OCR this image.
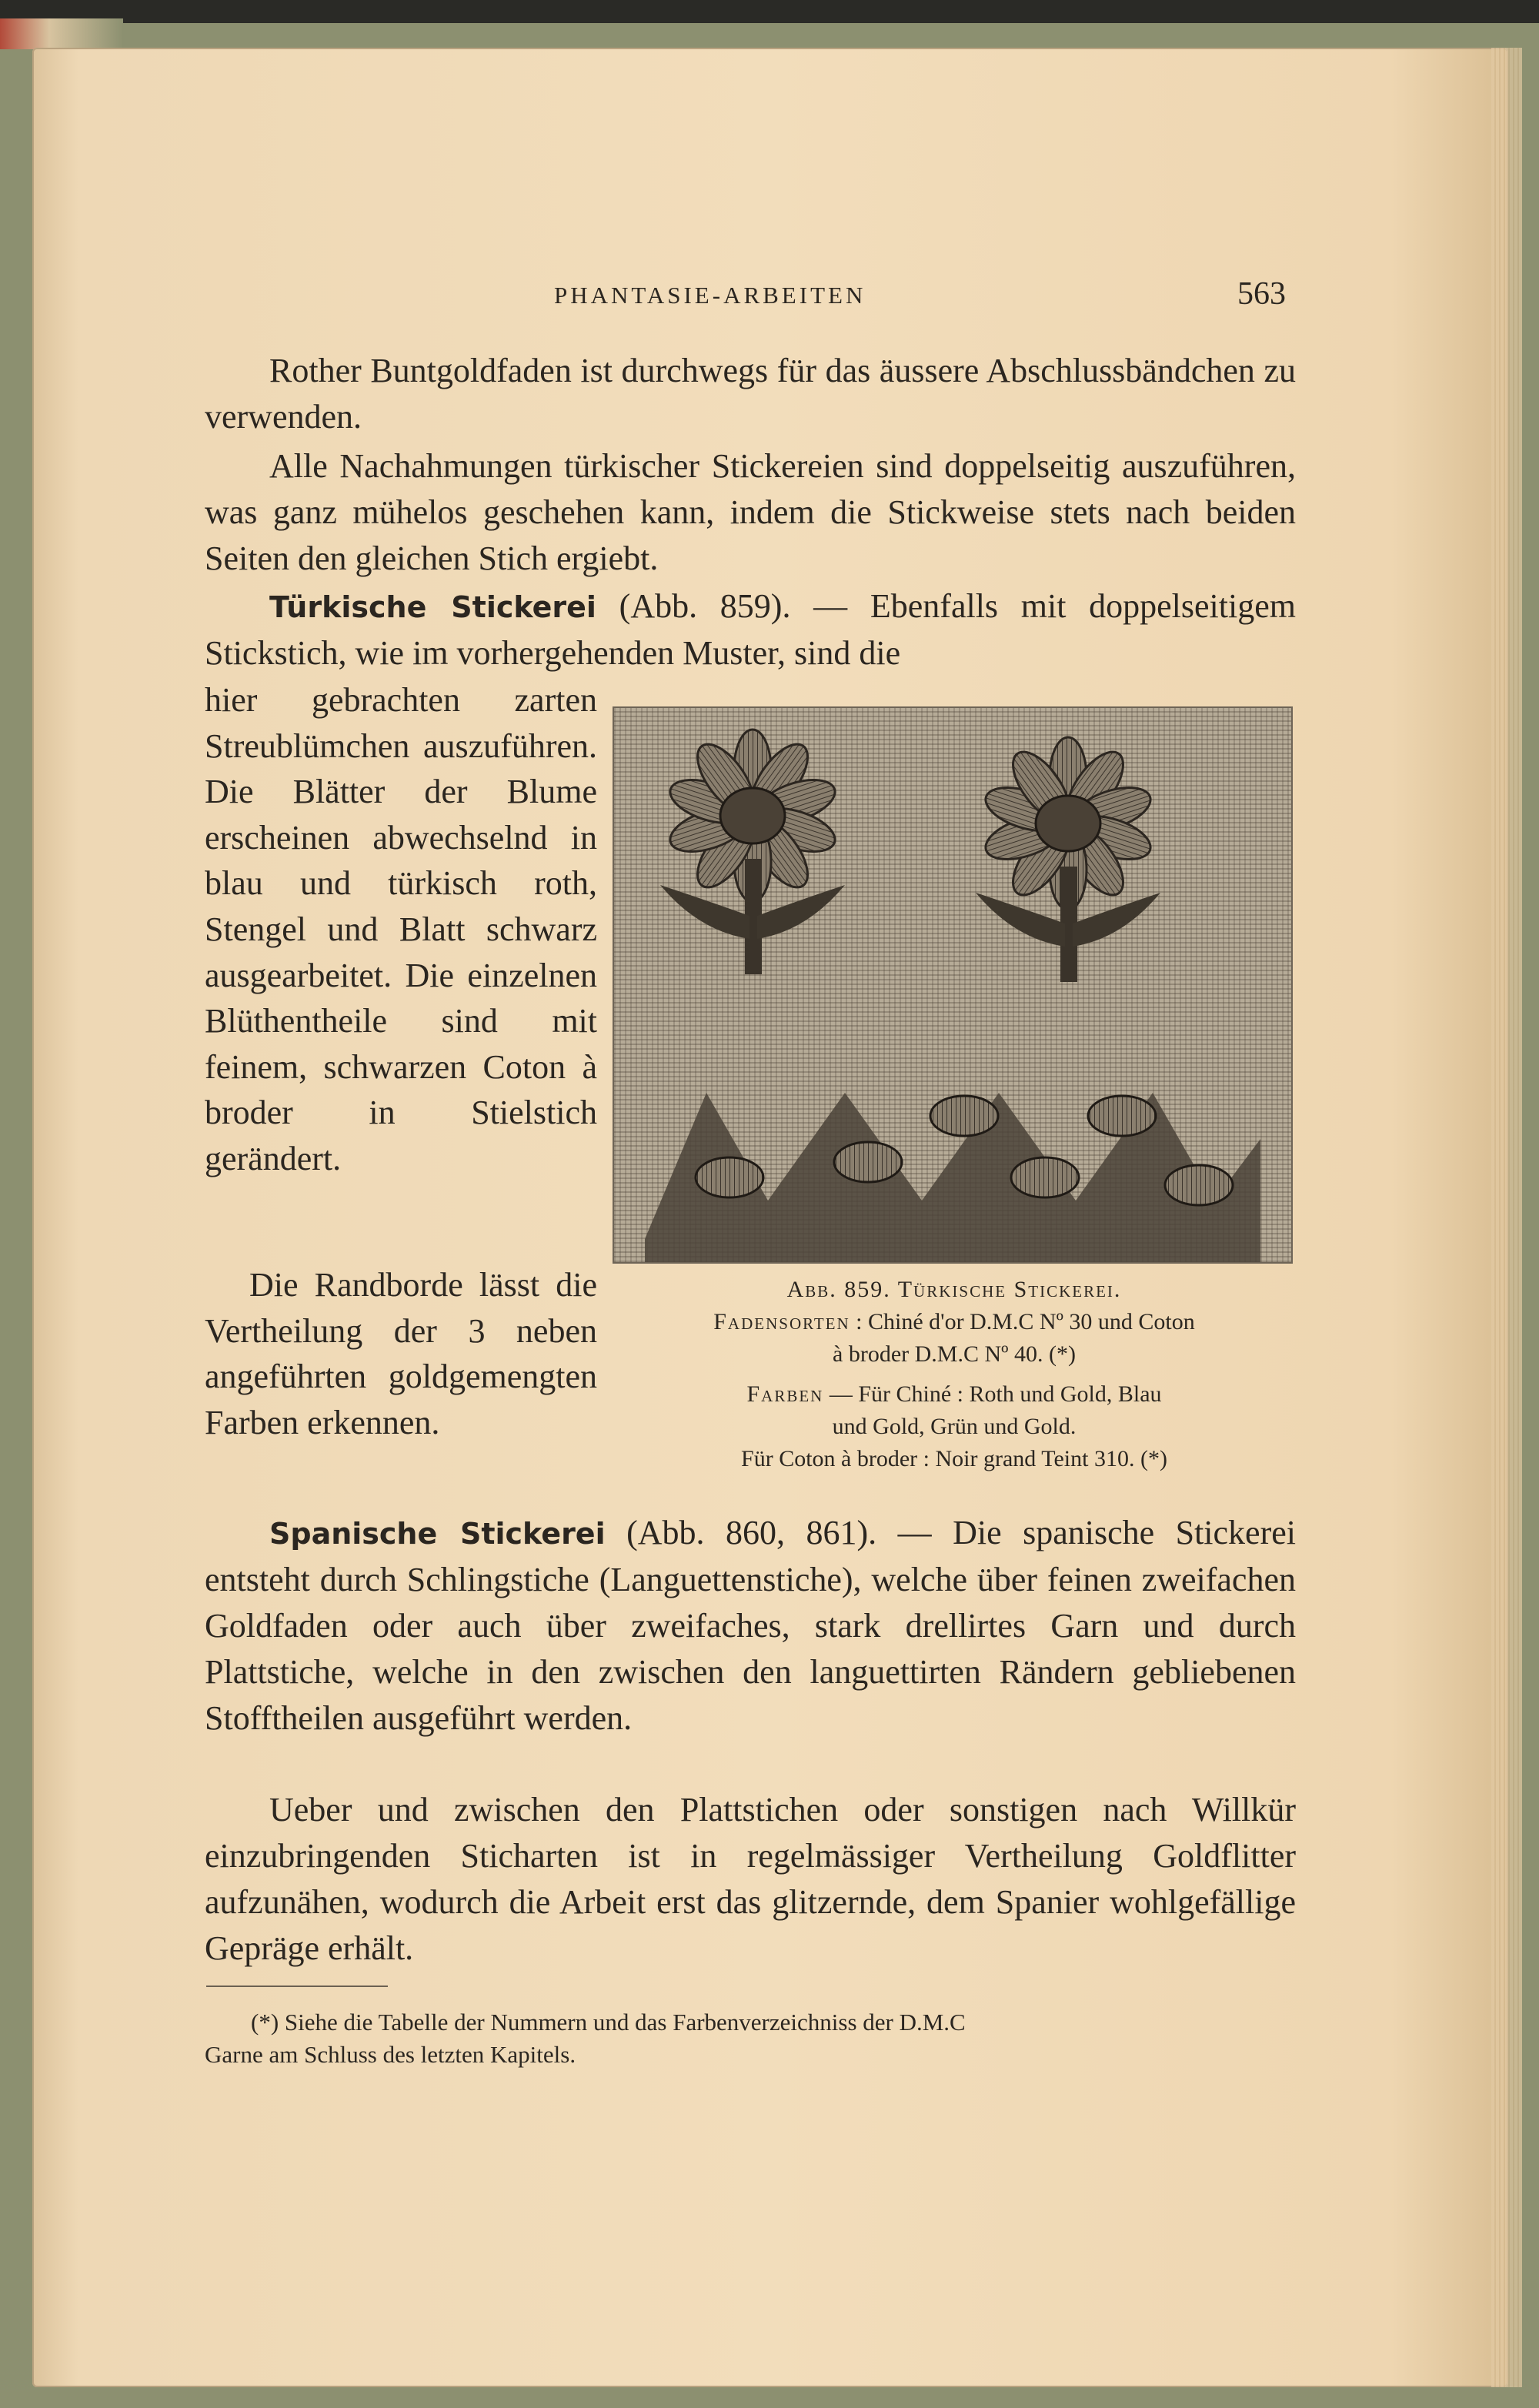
PHANTASIE-ARBEITEN	563

Rother Buntgoldfaden ist durchwegs für das äussere Abschlussbändchen zu verwenden.

Alle Nachahmungen türkischer Stickereien sind doppelseitig auszuführen, was ganz mühelos geschehen kann, indem die Stickweise stets nach beiden Seiten den gleichen Stich ergiebt.

Türkische Stickerei (Abb. 859). — Ebenfalls mit doppelseitigem Stickstich, wie im vorhergehenden Muster, sind die

hier gebrachten zarten Streublümchen auszuführen. Die Blätter der Blume erscheinen abwechselnd in blau und türkisch roth, Stengel und Blatt schwarz ausgearbeitet. Die einzelnen Blüthentheile sind mit feinem, schwarzen Coton à broder in Stielstich gerändert.

Die Randborde lässt die Vertheilung der 3 neben angeführten goldgemengten Farben erkennen.

Abb. 859. Türkische Stickerei.

Fadensorten : Chiné d'or D.M.C Nº 30 und Coton

à broder D.M.C Nº 40. (*)

Farben — Für Chiné : Roth und Gold, Blau

und Gold, Grün und Gold.

Für Coton à broder : Noir grand Teint 310. (*)

Spanische Stickerei (Abb. 860, 861). — Die spanische Stickerei entsteht durch Schlingstiche (Languettenstiche), welche über feinen zweifachen Goldfaden oder auch über zweifaches, stark drellirtes Garn und durch Plattstiche, welche in den zwischen den languettirten Rändern gebliebenen Stofftheilen ausgeführt werden.

Ueber und zwischen den Plattstichen oder sonstigen nach Willkür einzubringenden Sticharten ist in regelmässiger Vertheilung Goldflitter aufzunähen, wodurch die Arbeit erst das glitzernde, dem Spanier wohlgefällige Gepräge erhält.

(*) Siehe die Tabelle der Nummern und das Farbenverzeichniss der D.M.C
Garne am Schluss des letzten Kapitels.
